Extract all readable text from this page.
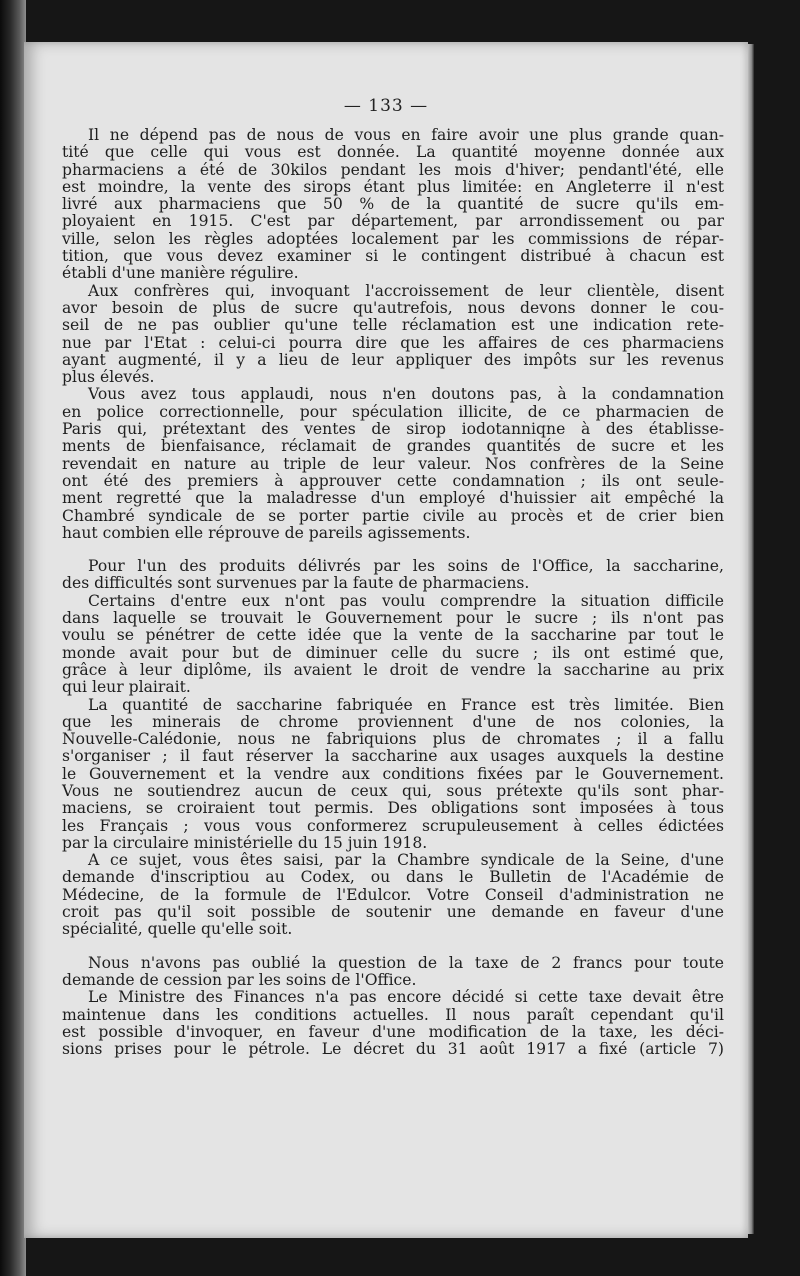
— 133 —
Il ne dépend pas de nous de vous en faire avoir une plus grande quan-
tité que celle qui vous est donnée. La quantité moyenne donnée aux
pharmaciens a été de 30kilos pendant les mois d'hiver; pendantl'été, elle
est moindre, la vente des sirops étant plus limitée: en Angleterre il n'est
livré aux pharmaciens que 50 % de la quantité de sucre qu'ils em-
ployaient en 1915. C'est par département, par arrondissement ou par
ville, selon les règles adoptées localement par les commissions de répar-
tition, que vous devez examiner si le contingent distribué à chacun est
établi d'une manière régulire.
Aux confrères qui, invoquant l'accroissement de leur clientèle, disent
avor besoin de plus de sucre qu'autrefois, nous devons donner le cou-
seil de ne pas oublier qu'une telle réclamation est une indication rete-
nue par l'Etat : celui-ci pourra dire que les affaires de ces pharmaciens
ayant augmenté, il y a lieu de leur appliquer des impôts sur les revenus
plus élevés.
Vous avez tous applaudi, nous n'en doutons pas, à la condamnation
en police correctionnelle, pour spéculation illicite, de ce pharmacien de
Paris qui, prétextant des ventes de sirop iodotanniqne à des établisse-
ments de bienfaisance, réclamait de grandes quantités de sucre et les
revendait en nature au triple de leur valeur. Nos confrères de la Seine
ont été des premiers à approuver cette condamnation ; ils ont seule-
ment regretté que la maladresse d'un employé d'huissier ait empêché la
Chambré syndicale de se porter partie civile au procès et de crier bien
haut combien elle réprouve de pareils agissements.
Pour l'un des produits délivrés par les soins de l'Office, la saccharine,
des difficultés sont survenues par la faute de pharmaciens.
Certains d'entre eux n'ont pas voulu comprendre la situation difficile
dans laquelle se trouvait le Gouvernement pour le sucre ; ils n'ont pas
voulu se pénétrer de cette idée que la vente de la saccharine par tout le
monde avait pour but de diminuer celle du sucre ; ils ont estimé que,
grâce à leur diplôme, ils avaient le droit de vendre la saccharine au prix
qui leur plairait.
La quantité de saccharine fabriquée en France est très limitée. Bien
que les minerais de chrome proviennent d'une de nos colonies, la
Nouvelle-Calédonie, nous ne fabriquions plus de chromates ; il a fallu
s'organiser ; il faut réserver la saccharine aux usages auxquels la destine
le Gouvernement et la vendre aux conditions fixées par le Gouvernement.
Vous ne soutiendrez aucun de ceux qui, sous prétexte qu'ils sont phar-
maciens, se croiraient tout permis. Des obligations sont imposées à tous
les Français ; vous vous conformerez scrupuleusement à celles édictées
par la circulaire ministérielle du 15 juin 1918.
A ce sujet, vous êtes saisi, par la Chambre syndicale de la Seine, d'une
demande d'inscriptiou au Codex, ou dans le Bulletin de l'Académie de
Médecine, de la formule de l'Edulcor. Votre Conseil d'administration ne
croit pas qu'il soit possible de soutenir une demande en faveur d'une
spécialité, quelle qu'elle soit.
Nous n'avons pas oublié la question de la taxe de 2 francs pour toute
demande de cession par les soins de l'Office.
Le Ministre des Finances n'a pas encore décidé si cette taxe devait être
maintenue dans les conditions actuelles. Il nous paraît cependant qu'il
est possible d'invoquer, en faveur d'une modification de la taxe, les déci-
sions prises pour le pétrole. Le décret du 31 août 1917 a fixé (article 7)
